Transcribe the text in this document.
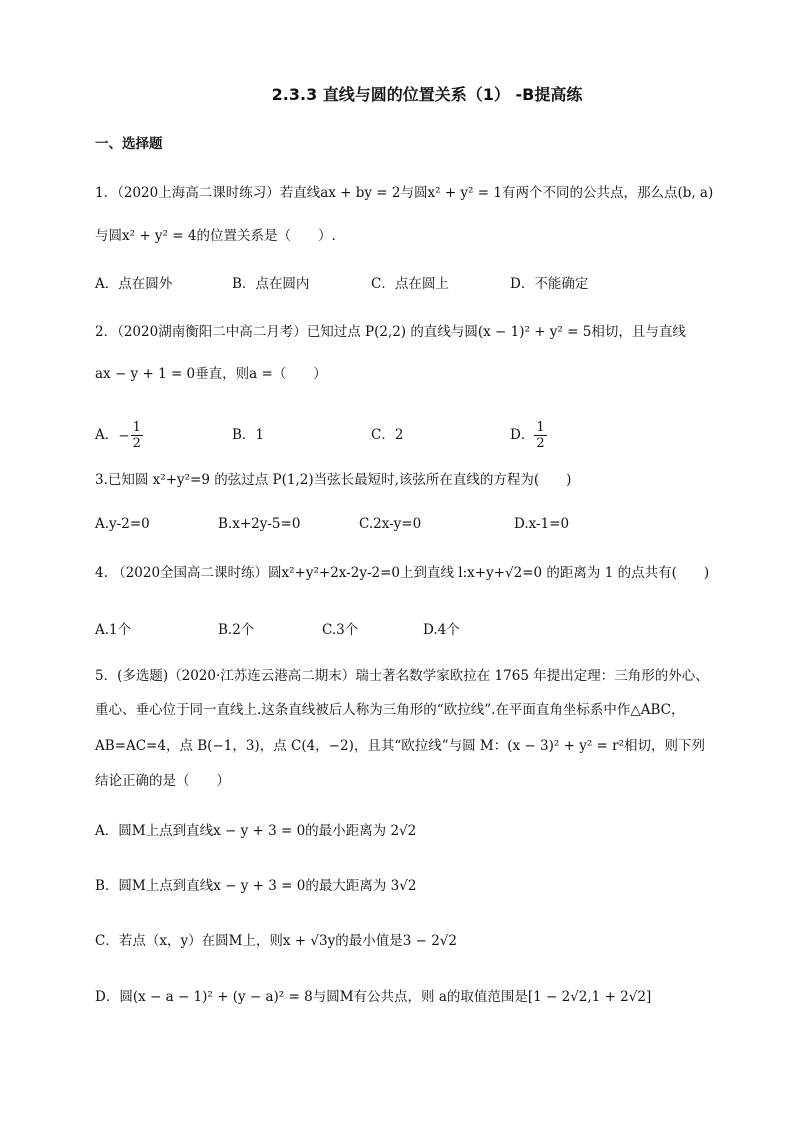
2.3.3 直线与圆的位置关系（1） -B提高练
一、选择题
1．（2020上海高二课时练习）若直线ax + by = 2与圆x² + y² = 1有两个不同的公共点，那么点(b, a)
与圆x² + y² = 4的位置关系是（　　）.
A．点在圆外	B．点在圆内	C．点在圆上	D．不能确定
2．（2020湖南衡阳二中高二月考）已知过点 P(2,2) 的直线与圆(x − 1)² + y² = 5相切，且与直线
ax − y + 1 = 0垂直，则a =（　　）
A．− $\frac{1}{2}$	B．1	C．2	D． $\frac{1}{2}$
3.已知圆 x²+y²=9 的弦过点 P(1,2)当弦长最短时,该弦所在直线的方程为(　　)
A.y-2=0	B.x+2y-5=0	C.2x-y=0	D.x-1=0
4. （2020全国高二课时练）圆x²+y²+2x-2y-2=0上到直线 l:x+y+√2=0 的距离为 1 的点共有(　　)
A.1个	B.2个	C.3个	D.4个
5．(多选题)（2020·江苏连云港高二期末）瑞士著名数学家欧拉在 1765 年提出定理：三角形的外心、
重心、垂心位于同一直线上.这条直线被后人称为三角形的“欧拉线”.在平面直角坐标系中作△ABC，
AB=AC=4，点 B(−1，3)，点 C(4，−2)，且其“欧拉线”与圆 M：(x − 3)² + y² = r²相切，则下列
结论正确的是（　　）
A．圆M上点到直线x − y + 3 = 0的最小距离为 2√2
B．圆M上点到直线x − y + 3 = 0的最大距离为 3√2
C．若点（x，y）在圆M上，则x + √3y的最小值是3 − 2√2
D．圆(x − a − 1)² + (y − a)² = 8与圆M有公共点，则 a的取值范围是[1 − 2√2,1 + 2√2]
